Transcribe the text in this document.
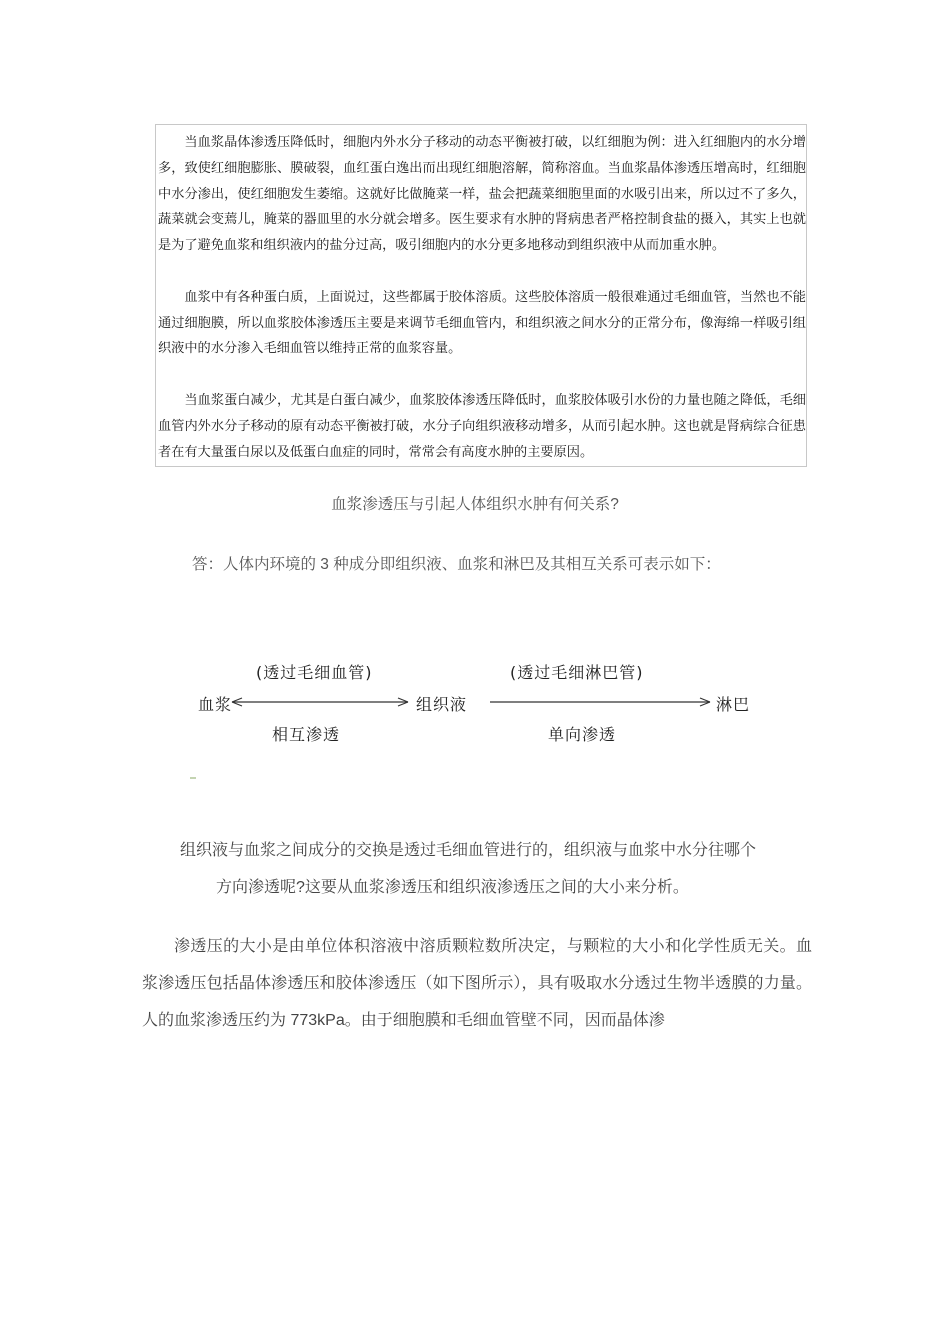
当血浆晶体渗透压降低时，细胞内外水分子移动的动态平衡被打破，以红细胞为例：进入红细胞内的水分增多，致使红细胞膨胀、膜破裂，血红蛋白逸出而出现红细胞溶解，简称溶血。当血浆晶体渗透压增高时，红细胞中水分渗出，使红细胞发生萎缩。这就好比做腌菜一样，盐会把蔬菜细胞里面的水吸引出来，所以过不了多久，蔬菜就会变蔫儿，腌菜的器皿里的水分就会增多。医生要求有水肿的肾病患者严格控制食盐的摄入，其实上也就是为了避免血浆和组织液内的盐分过高，吸引细胞内的水分更多地移动到组织液中从而加重水肿。

血浆中有各种蛋白质，上面说过，这些都属于胶体溶质。这些胶体溶质一般很难通过毛细血管，当然也不能通过细胞膜，所以血浆胶体渗透压主要是来调节毛细血管内，和组织液之间水分的正常分布，像海绵一样吸引组织液中的水分渗入毛细血管以维持正常的血浆容量。

当血浆蛋白减少，尤其是白蛋白减少，血浆胶体渗透压降低时，血浆胶体吸引水份的力量也随之降低，毛细血管内外水分子移动的原有动态平衡被打破，水分子向组织液移动增多，从而引起水肿。这也就是肾病综合征患者在有大量蛋白尿以及低蛋白血症的同时，常常会有高度水肿的主要原因。

血浆渗透压与引起人体组织水肿有何关系?
答：人体内环境的 3 种成分即组织液、血浆和淋巴及其相互关系可表示如下：
(透过毛细血管)	(透过毛细淋巴管)
血浆	组织液	淋巴
相互渗透	单向渗透
组织液与血浆之间成分的交换是透过毛细血管进行的，组织液与血浆中水分往哪个
方向渗透呢?这要从血浆渗透压和组织液渗透压之间的大小来分析。
渗透压的大小是由单位体积溶液中溶质颗粒数所决定，与颗粒的大小和化学性质无关。血浆渗透压包括晶体渗透压和胶体渗透压（如下图所示），具有吸取水分透过生物半透膜的力量。人的血浆渗透压约为 773kPa。由于细胞膜和毛细血管壁不同，因而晶体渗
